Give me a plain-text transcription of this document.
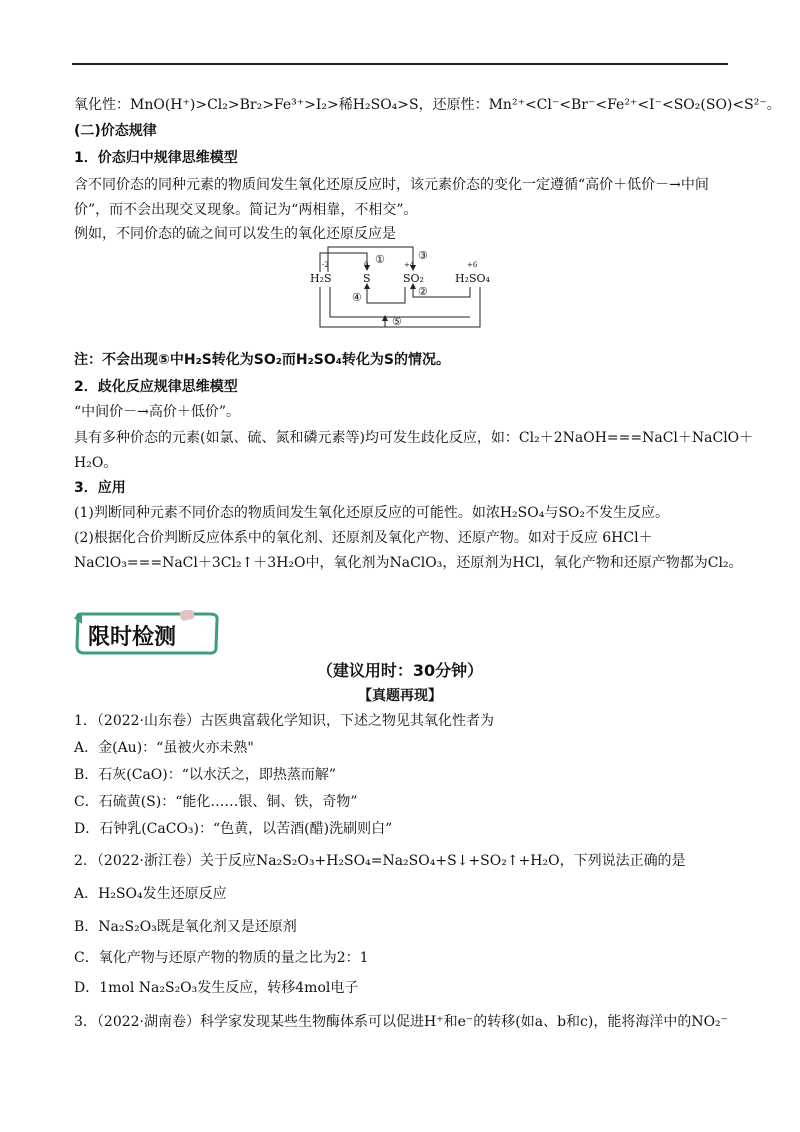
氧化性：MnO(H⁺)>Cl₂>Br₂>Fe³⁺>I₂>稀H₂SO₄>S，还原性：Mn²⁺<Cl⁻<Br⁻<Fe²⁺<I⁻<SO₂(SO)<S²⁻。
(二)价态规律
1．价态归中规律思维模型
含不同价态的同种元素的物质间发生氧化还原反应时，该元素价态的变化一定遵循“高价＋低价－→中间
价”，而不会出现交叉现象。简记为“两相靠，不相交”。
例如，不同价态的硫之间可以发生的氧化还原反应是
-2	0	+4	+6
H₂S	S	SO₂	H₂SO₄
①
②
③
④
⑤
注：不会出现⑤中H₂S转化为SO₂而H₂SO₄转化为S的情况。
2．歧化反应规律思维模型
“中间价－→高价＋低价”。
具有多种价态的元素(如氯、硫、氮和磷元素等)均可发生歧化反应，如：Cl₂＋2NaOH===NaCl＋NaClO＋
H₂O。
3．应用
(1)判断同种元素不同价态的物质间发生氧化还原反应的可能性。如浓H₂SO₄与SO₂不发生反应。
(2)根据化合价判断反应体系中的氧化剂、还原剂及氧化产物、还原产物。如对于反应 6HCl＋
NaClO₃===NaCl＋3Cl₂↑＋3H₂O中，氧化剂为NaClO₃，还原剂为HCl，氧化产物和还原产物都为Cl₂。
限时检测
（建议用时：30分钟）
【真题再现】
1．（2022·山东卷）古医典富载化学知识，下述之物见其氧化性者为
A．金(Au)：“虽被火亦未熟"
B．石灰(CaO)：“以水沃之，即热蒸而解”
C．石硫黄(S)：“能化……银、铜、铁，奇物”
D．石钟乳(CaCO₃)：“色黄，以苦酒(醋)洗刷则白”
2．（2022·浙江卷）关于反应Na₂S₂O₃+H₂SO₄=Na₂SO₄+S↓+SO₂↑+H₂O，下列说法正确的是
A．H₂SO₄发生还原反应
B．Na₂S₂O₃既是氧化剂又是还原剂
C．氧化产物与还原产物的物质的量之比为2：1
D．1mol Na₂S₂O₃发生反应，转移4mol电子
3．（2022·湖南卷）科学家发现某些生物酶体系可以促进H⁺和e⁻的转移(如a、b和c)，能将海洋中的NO₂⁻
